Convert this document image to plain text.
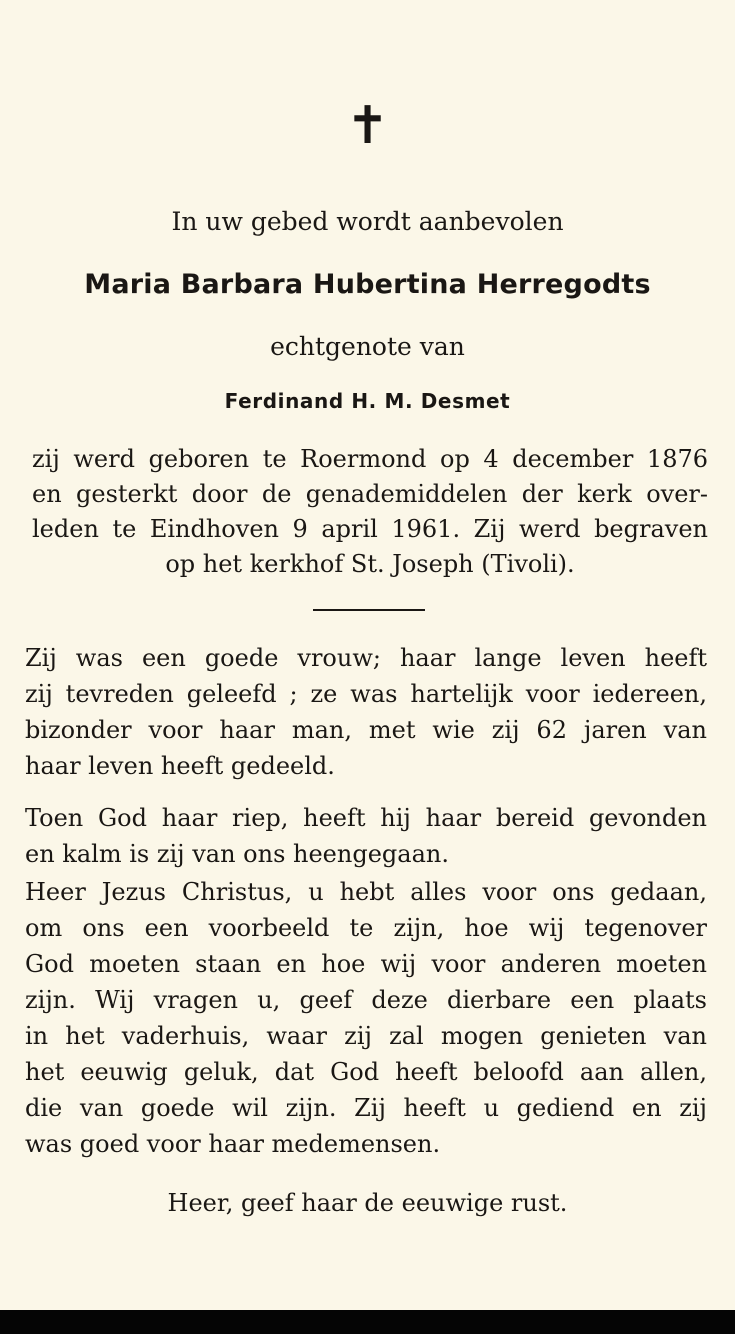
✝
In uw gebed wordt aanbevolen
Maria Barbara Hubertina Herregodts
echtgenote van
Ferdinand H. M. Desmet
zij werd geboren te Roermond op 4 december 1876
en gesterkt door de genademiddelen der kerk over-
leden te Eindhoven 9 april 1961. Zij werd begraven
op het kerkhof St. Joseph (Tivoli).
Zij was een goede vrouw; haar lange leven heeft
zij tevreden geleefd ; ze was hartelijk voor iedereen,
bizonder voor haar man, met wie zij 62 jaren van
haar leven heeft gedeeld.
Toen God haar riep, heeft hij haar bereid gevonden
en kalm is zij van ons heengegaan.
Heer Jezus Christus, u hebt alles voor ons gedaan,
om ons een voorbeeld te zijn, hoe wij tegenover
God moeten staan en hoe wij voor anderen moeten
zijn. Wij vragen u, geef deze dierbare een plaats
in het vaderhuis, waar zij zal mogen genieten van
het eeuwig geluk, dat God heeft beloofd aan allen,
die van goede wil zijn. Zij heeft u gediend en zij
was goed voor haar medemensen.
Heer, geef haar de eeuwige rust.
